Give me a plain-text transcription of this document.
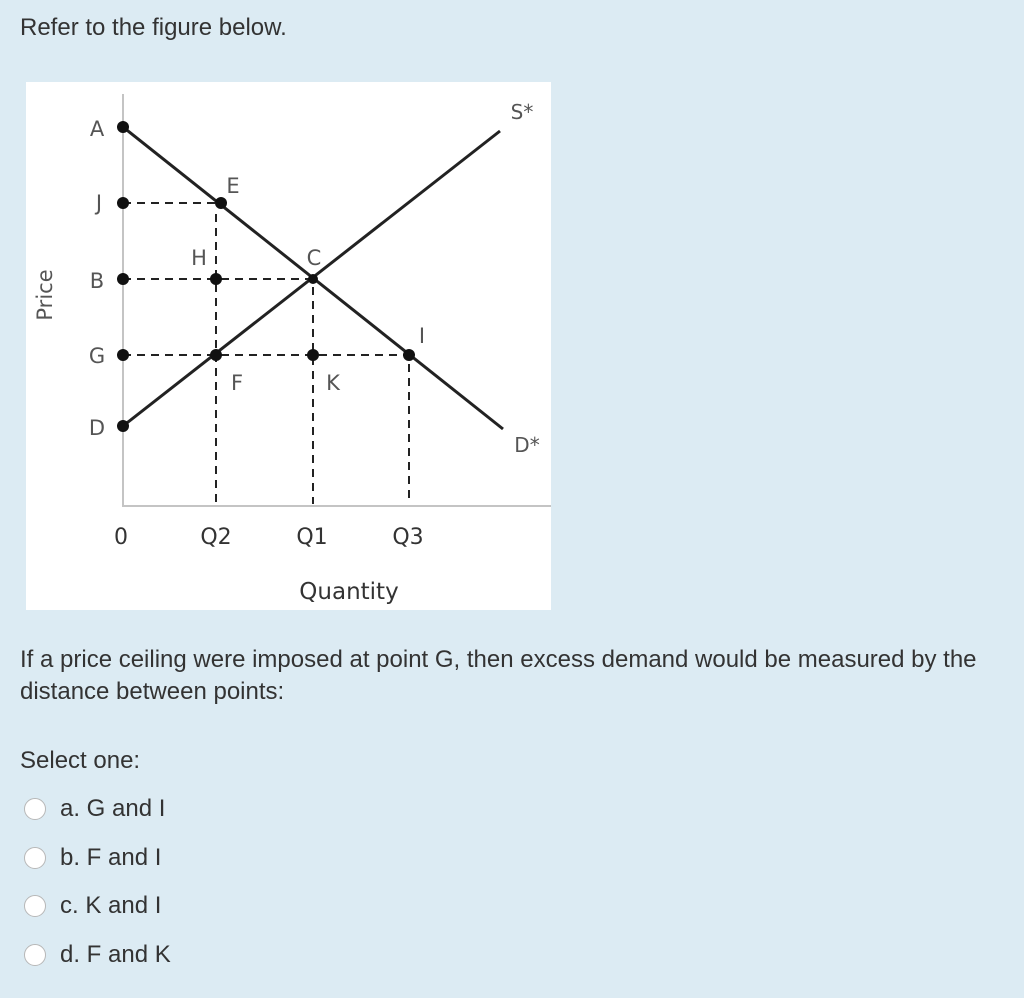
Refer to the figure below.

Price
A
J
B
G
D
0	Q2	Q1	Q3
Quantity
E
H	C
I
F	K
S*
D*

If a price ceiling were imposed at point G, then excess demand would be measured by the distance between points:

Select one:

a. G and I
b. F and I
c. K and I
d. F and K
